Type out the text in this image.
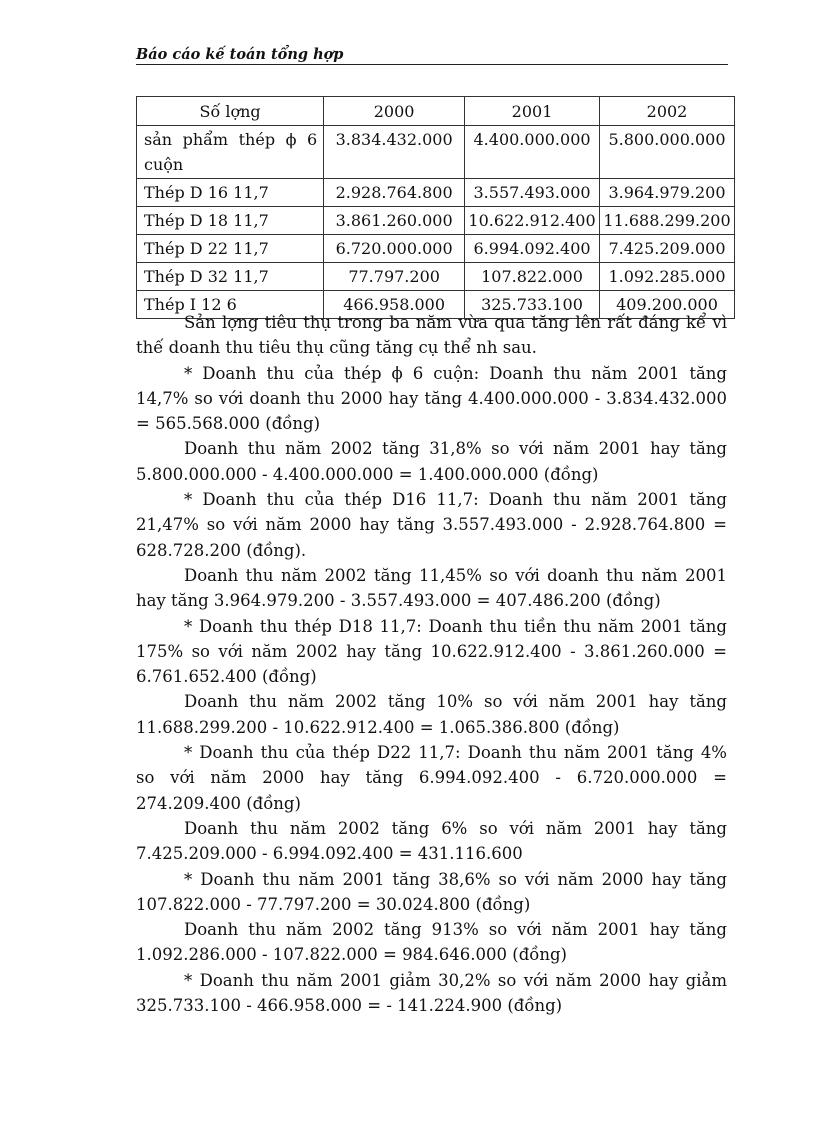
Báo cáo kế toán tổng hợp
Số lợng	2000	2001	2002
sản phẩm thép ϕ 6 cuộn	3.834.432.000	4.400.000.000	5.800.000.000
Thép D 16 11,7	2.928.764.800	3.557.493.000	3.964.979.200
Thép D 18 11,7	3.861.260.000	10.622.912.400	11.688.299.200
Thép D 22 11,7	6.720.000.000	6.994.092.400	7.425.209.000
Thép D 32 11,7	77.797.200	107.822.000	1.092.285.000
Thép I 12 6	466.958.000	325.733.100	409.200.000

Sản lợng tiêu thụ trong ba năm vừa qua tăng lên rất đáng kể vì thế doanh thu tiêu thụ cũng tăng cụ thể nh sau.

* Doanh thu của thép ϕ 6 cuộn: Doanh thu năm 2001 tăng 14,7% so với doanh thu 2000 hay tăng 4.400.000.000 - 3.834.432.000 = 565.568.000 (đồng)

Doanh thu năm 2002 tăng 31,8% so với năm 2001 hay tăng 5.800.000.000 - 4.400.000.000 = 1.400.000.000 (đồng)

* Doanh thu của thép D16 11,7: Doanh thu năm 2001 tăng 21,47% so với năm 2000 hay tăng 3.557.493.000 - 2.928.764.800 = 628.728.200 (đồng).

Doanh thu năm 2002 tăng 11,45% so với doanh thu năm 2001 hay tăng 3.964.979.200 - 3.557.493.000 = 407.486.200 (đồng)

* Doanh thu thép D18 11,7: Doanh thu tiền thu năm 2001 tăng 175% so với năm 2002 hay tăng 10.622.912.400 - 3.861.260.000 = 6.761.652.400 (đồng)

Doanh thu năm 2002 tăng 10% so với năm 2001 hay tăng 11.688.299.200 - 10.622.912.400 = 1.065.386.800 (đồng)

* Doanh thu của thép D22 11,7: Doanh thu năm 2001 tăng 4% so với năm 2000 hay tăng 6.994.092.400 - 6.720.000.000 = 274.209.400 (đồng)

Doanh thu năm 2002 tăng 6% so với năm 2001 hay tăng 7.425.209.000 - 6.994.092.400 = 431.116.600

* Doanh thu năm 2001 tăng 38,6% so với năm 2000 hay tăng 107.822.000 - 77.797.200 = 30.024.800 (đồng)

Doanh thu năm 2002 tăng 913% so với năm 2001 hay tăng 1.092.286.000 - 107.822.000 = 984.646.000 (đồng)

* Doanh thu năm 2001 giảm 30,2% so với năm 2000 hay giảm 325.733.100 - 466.958.000 = - 141.224.900 (đồng)
